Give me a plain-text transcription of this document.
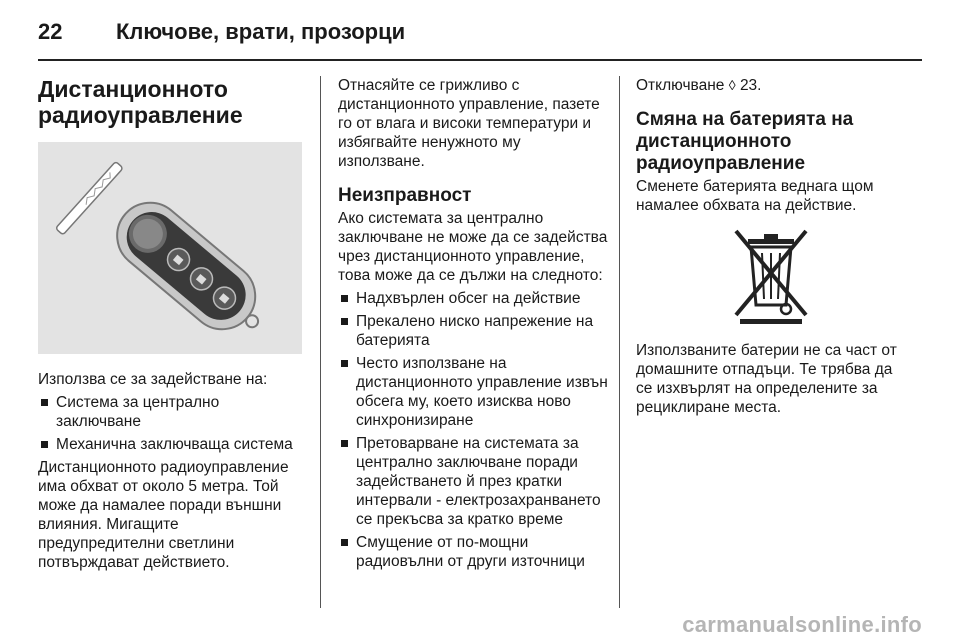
22	Ключове, врати, прозорци
Дистанционното радиоуправление

Използва се за задействане на:

Система за централно заключване
Механична заключваща система

Дистанционното радиоуправление има обхват от около 5 метра. Той може да намалее поради външни влияния. Мигащите предупредителни светлини потвърждават действието.

Отнасяйте се грижливо с дистанционното управление, пазете го от влага и високи температури и избягвайте ненужното му използване.

Неизправност

Ако системата за централно заключване не може да се задейства чрез дистанционното управление, това може да се дължи на следното:

Надхвърлен обсег на действие
Прекалено ниско напрежение на батерията
Често използване на дистанционното управление извън обсега му, което изисква ново синхронизиране
Претоварване на системата за централно заключване поради задействането й през кратки интервали - електрозахранването се прекъсва за кратко време
Смущение от по-мощни радиовълни от други източници

Отключване ◊ 23.

Смяна на батерията на дистанционното радиоуправление

Сменете батерията веднага щом намалее обхвата на действие.

Използваните батерии не са част от домашните отпадъци. Те трябва да се изхвърлят на определените за рециклиране места.

carmanualsonline.info
